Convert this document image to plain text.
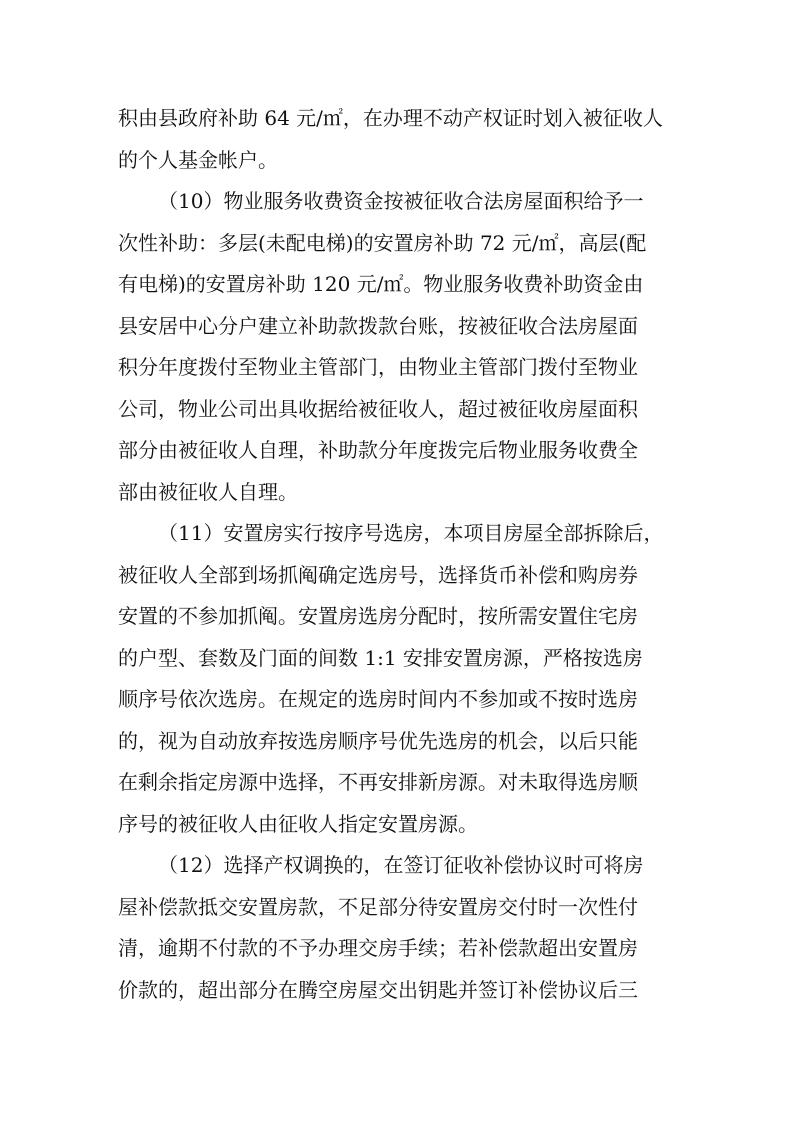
积由县政府补助 64 元/㎡，在办理不动产权证时划入被征收人
的个人基金帐户。
（10）物业服务收费资金按被征收合法房屋面积给予一
次性补助：多层(未配电梯)的安置房补助 72 元/㎡，高层(配
有电梯)的安置房补助 120 元/㎡。物业服务收费补助资金由
县安居中心分户建立补助款拨款台账，按被征收合法房屋面
积分年度拨付至物业主管部门，由物业主管部门拨付至物业
公司，物业公司出具收据给被征收人，超过被征收房屋面积
部分由被征收人自理，补助款分年度拨完后物业服务收费全
部由被征收人自理。
（11）安置房实行按序号选房，本项目房屋全部拆除后，
被征收人全部到场抓阄确定选房号，选择货币补偿和购房券
安置的不参加抓阄。安置房选房分配时，按所需安置住宅房
的户型、套数及门面的间数 1:1 安排安置房源，严格按选房
顺序号依次选房。在规定的选房时间内不参加或不按时选房
的，视为自动放弃按选房顺序号优先选房的机会，以后只能
在剩余指定房源中选择，不再安排新房源。对未取得选房顺
序号的被征收人由征收人指定安置房源。
（12）选择产权调换的，在签订征收补偿协议时可将房
屋补偿款抵交安置房款，不足部分待安置房交付时一次性付
清，逾期不付款的不予办理交房手续；若补偿款超出安置房
价款的，超出部分在腾空房屋交出钥匙并签订补偿协议后三
